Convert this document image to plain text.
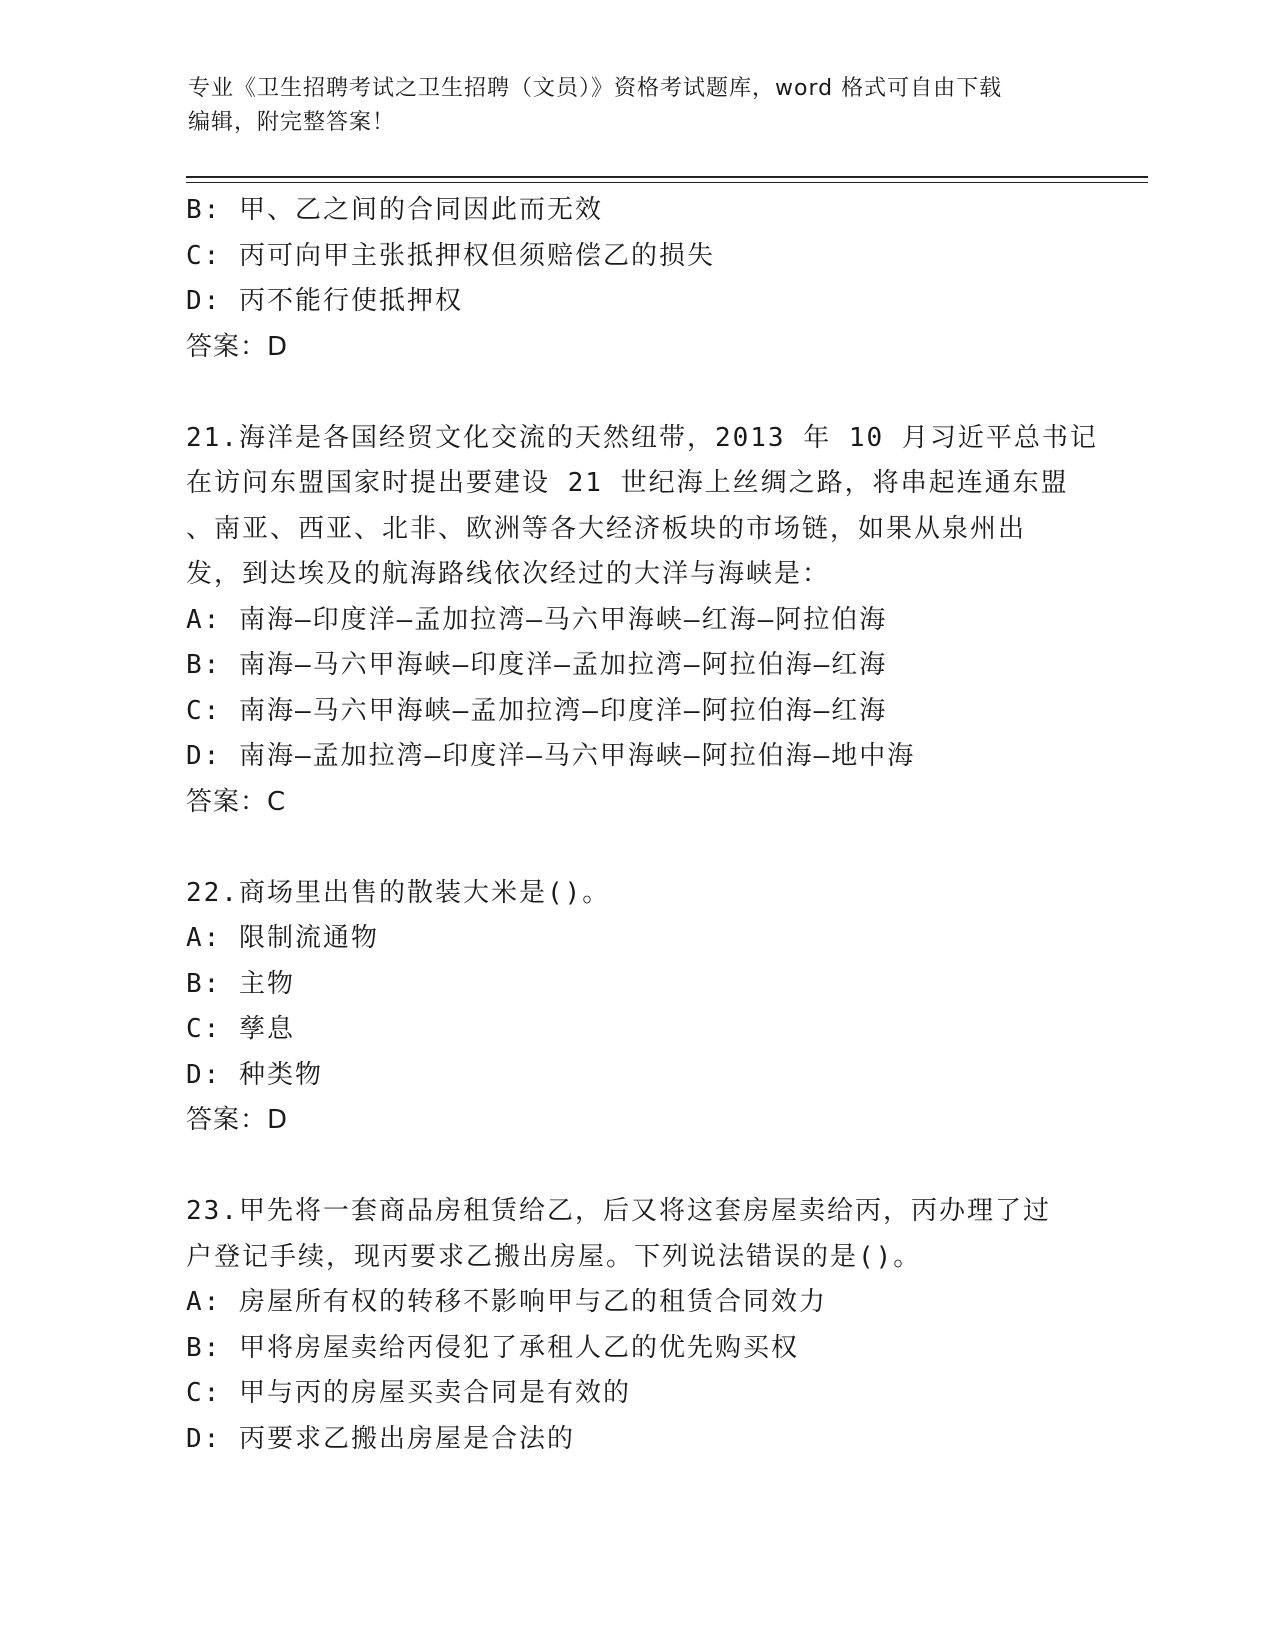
专业《卫生招聘考试之卫生招聘（文员）》资格考试题库，word 格式可自由下载
编辑，附完整答案！
B: 甲、乙之间的合同因此而无效
C: 丙可向甲主张抵押权但须赔偿乙的损失
D: 丙不能行使抵押权
答案：D
21.海洋是各国经贸文化交流的天然纽带，2013 年 10 月习近平总书记
在访问东盟国家时提出要建设 21 世纪海上丝绸之路，将串起连通东盟
、南亚、西亚、北非、欧洲等各大经济板块的市场链，如果从泉州出
发，到达埃及的航海路线依次经过的大洋与海峡是：
A: 南海—印度洋—孟加拉湾—马六甲海峡—红海—阿拉伯海
B: 南海—马六甲海峡—印度洋—孟加拉湾—阿拉伯海—红海
C: 南海—马六甲海峡—孟加拉湾—印度洋—阿拉伯海—红海
D: 南海—孟加拉湾—印度洋—马六甲海峡—阿拉伯海—地中海
答案：C
22.商场里出售的散装大米是()。
A: 限制流通物
B: 主物
C: 孳息
D: 种类物
答案：D
23.甲先将一套商品房租赁给乙，后又将这套房屋卖给丙，丙办理了过
户登记手续，现丙要求乙搬出房屋。下列说法错误的是()。
A: 房屋所有权的转移不影响甲与乙的租赁合同效力
B: 甲将房屋卖给丙侵犯了承租人乙的优先购买权
C: 甲与丙的房屋买卖合同是有效的
D: 丙要求乙搬出房屋是合法的
